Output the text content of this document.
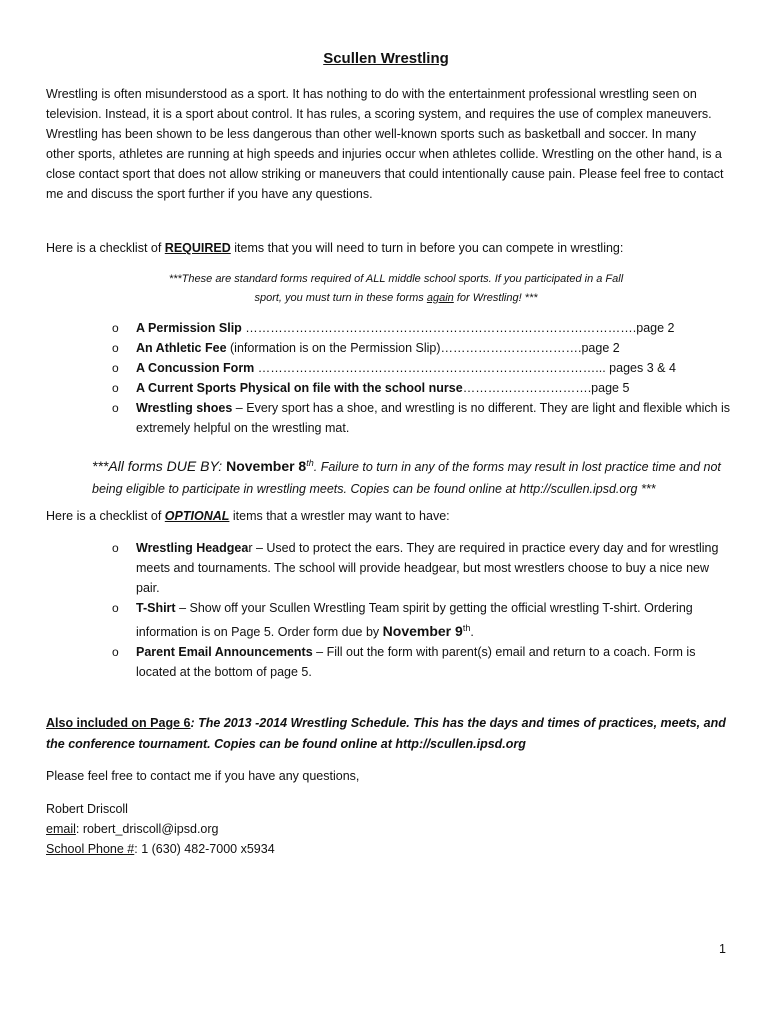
Scullen Wrestling

Wrestling is often misunderstood as a sport. It has nothing to do with the entertainment professional wrestling seen on television. Instead, it is a sport about control. It has rules, a scoring system, and requires the use of complex maneuvers. Wrestling has been shown to be less dangerous than other well-known sports such as basketball and soccer. In many other sports, athletes are running at high speeds and injuries occur when athletes collide. Wrestling on the other hand, is a close contact sport that does not allow striking or maneuvers that could intentionally cause pain. Please feel free to contact me and discuss the sport further if you have any questions.

Here is a checklist of REQUIRED items that you will need to turn in before you can compete in wrestling:

***These are standard forms required of ALL middle school sports. If you participated in a Fall
sport, you must turn in these forms again for Wrestling! ***

o A Permission Slip ………………………………………………………………………………….page 2
o An Athletic Fee (information is on the Permission Slip)…………………………….page 2
o A Concussion Form ………………………………………………………………………... pages 3 & 4
o A Current Sports Physical on file with the school nurse………………………….page 5
o Wrestling shoes – Every sport has a shoe, and wrestling is no different. They are light and flexible which is extremely helpful on the wrestling mat.

***All forms DUE BY: November 8th. Failure to turn in any of the forms may result in lost practice time and not being eligible to participate in wrestling meets. Copies can be found online at http://scullen.ipsd.org ***

Here is a checklist of OPTIONAL items that a wrestler may want to have:

o Wrestling Headgear – Used to protect the ears. They are required in practice every day and for wrestling meets and tournaments. The school will provide headgear, but most wrestlers choose to buy a nice new pair.
o T-Shirt – Show off your Scullen Wrestling Team spirit by getting the official wrestling T-shirt. Ordering information is on Page 5. Order form due by November 9th.
o Parent Email Announcements – Fill out the form with parent(s) email and return to a coach. Form is located at the bottom of page 5.

Also included on Page 6: The 2013 -2014 Wrestling Schedule. This has the days and times of practices, meets, and the conference tournament. Copies can be found online at http://scullen.ipsd.org

Please feel free to contact me if you have any questions,

Robert Driscoll
email: robert_driscoll@ipsd.org
School Phone #: 1 (630) 482-7000 x5934

1
